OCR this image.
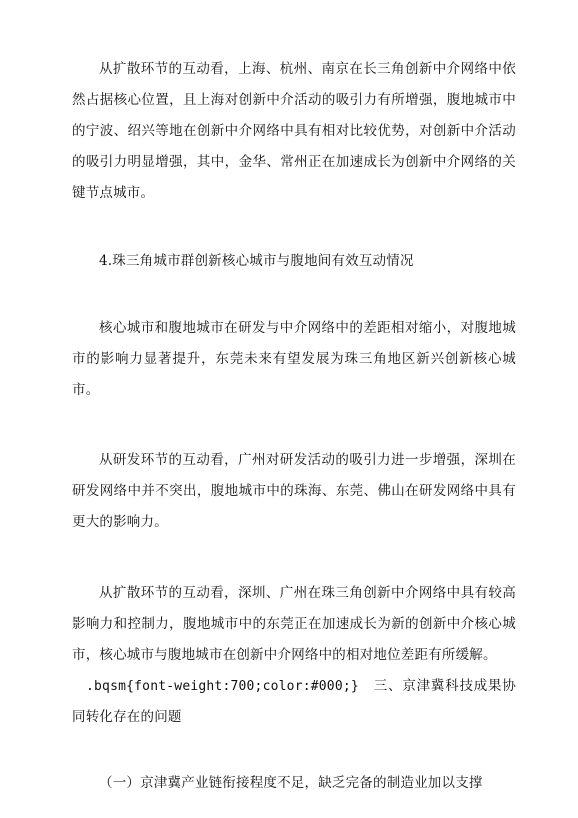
从扩散环节的互动看，上海、杭州、南京在长三角创新中介网络中依然占据核心位置，且上海对创新中介活动的吸引力有所增强，腹地城市中的宁波、绍兴等地在创新中介网络中具有相对比较优势，对创新中介活动的吸引力明显增强，其中，金华、常州正在加速成长为创新中介网络的关键节点城市。

4.珠三角城市群创新核心城市与腹地间有效互动情况

核心城市和腹地城市在研发与中介网络中的差距相对缩小，对腹地城市的影响力显著提升，东莞未来有望发展为珠三角地区新兴创新核心城市。

从研发环节的互动看，广州对研发活动的吸引力进一步增强，深圳在研发网络中并不突出，腹地城市中的珠海、东莞、佛山在研发网络中具有更大的影响力。

从扩散环节的互动看，深圳、广州在珠三角创新中介网络中具有较高影响力和控制力，腹地城市中的东莞正在加速成长为新的创新中介核心城市，核心城市与腹地城市在创新中介网络中的相对地位差距有所缓解。

.bqsm{font-weight:700;color:#000;}　 三、京津冀科技成果协同转化存在的问题

（一）京津冀产业链衔接程度不足，缺乏完备的制造业加以支撑
